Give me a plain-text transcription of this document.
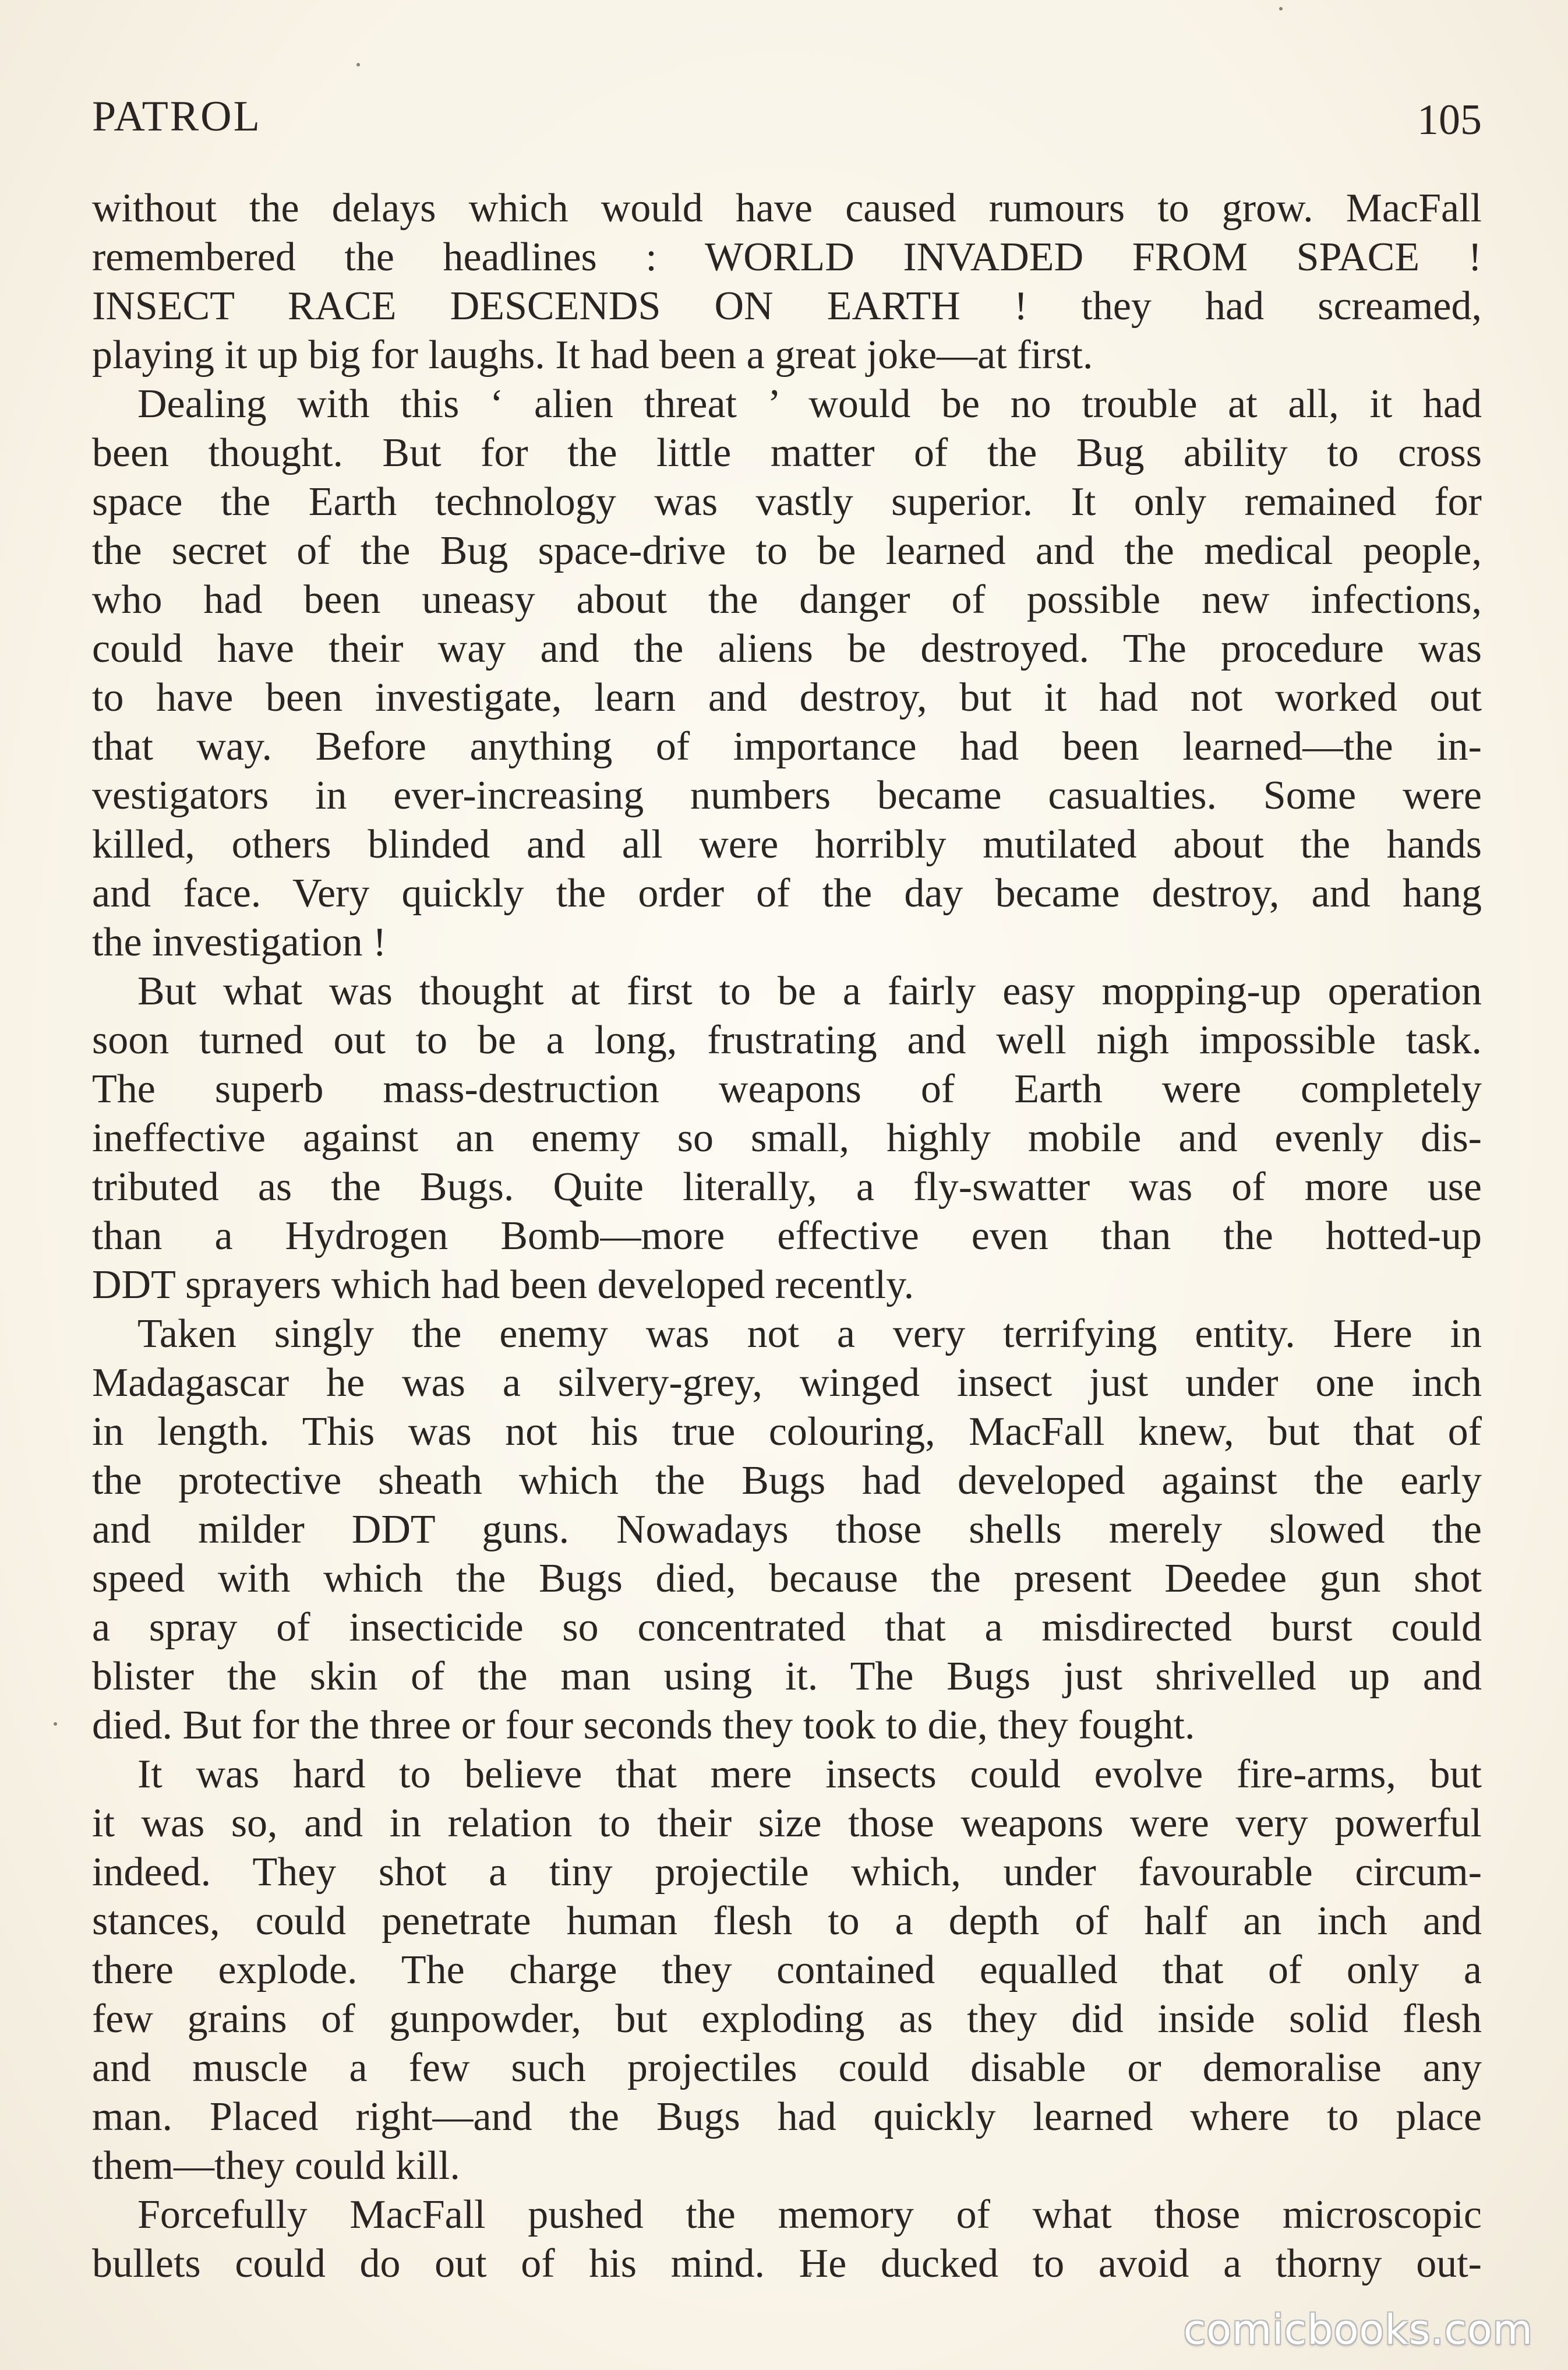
PATROL	105
without the delays which would have caused rumours to grow. MacFall
remembered the headlines : WORLD INVADED FROM SPACE !
INSECT RACE DESCENDS ON EARTH ! they had screamed,
playing it up big for laughs. It had been a great joke—at first.
Dealing with this ‘ alien threat ’ would be no trouble at all, it had
been thought. But for the little matter of the Bug ability to cross
space the Earth technology was vastly superior. It only remained for
the secret of the Bug space-drive to be learned and the medical people,
who had been uneasy about the danger of possible new infections,
could have their way and the aliens be destroyed. The procedure was
to have been investigate, learn and destroy, but it had not worked out
that way. Before anything of importance had been learned—the in-
vestigators in ever-increasing numbers became casualties. Some were
killed, others blinded and all were horribly mutilated about the hands
and face. Very quickly the order of the day became destroy, and hang
the investigation !
But what was thought at first to be a fairly easy mopping-up operation
soon turned out to be a long, frustrating and well nigh impossible task.
The superb mass-destruction weapons of Earth were completely
ineffective against an enemy so small, highly mobile and evenly dis-
tributed as the Bugs. Quite literally, a fly-swatter was of more use
than a Hydrogen Bomb—more effective even than the hotted-up
DDT sprayers which had been developed recently.
Taken singly the enemy was not a very terrifying entity. Here in
Madagascar he was a silvery-grey, winged insect just under one inch
in length. This was not his true colouring, MacFall knew, but that of
the protective sheath which the Bugs had developed against the early
and milder DDT guns. Nowadays those shells merely slowed the
speed with which the Bugs died, because the present Deedee gun shot
a spray of insecticide so concentrated that a misdirected burst could
blister the skin of the man using it. The Bugs just shrivelled up and
died. But for the three or four seconds they took to die, they fought.
It was hard to believe that mere insects could evolve fire-arms, but
it was so, and in relation to their size those weapons were very powerful
indeed. They shot a tiny projectile which, under favourable circum-
stances, could penetrate human flesh to a depth of half an inch and
there explode. The charge they contained equalled that of only a
few grains of gunpowder, but exploding as they did inside solid flesh
and muscle a few such projectiles could disable or demoralise any
man. Placed right—and the Bugs had quickly learned where to place
them—they could kill.
Forcefully MacFall pushed the memory of what those microscopic
bullets could do out of his mind. He ducked to avoid a thorny out-
comicbooks.com
